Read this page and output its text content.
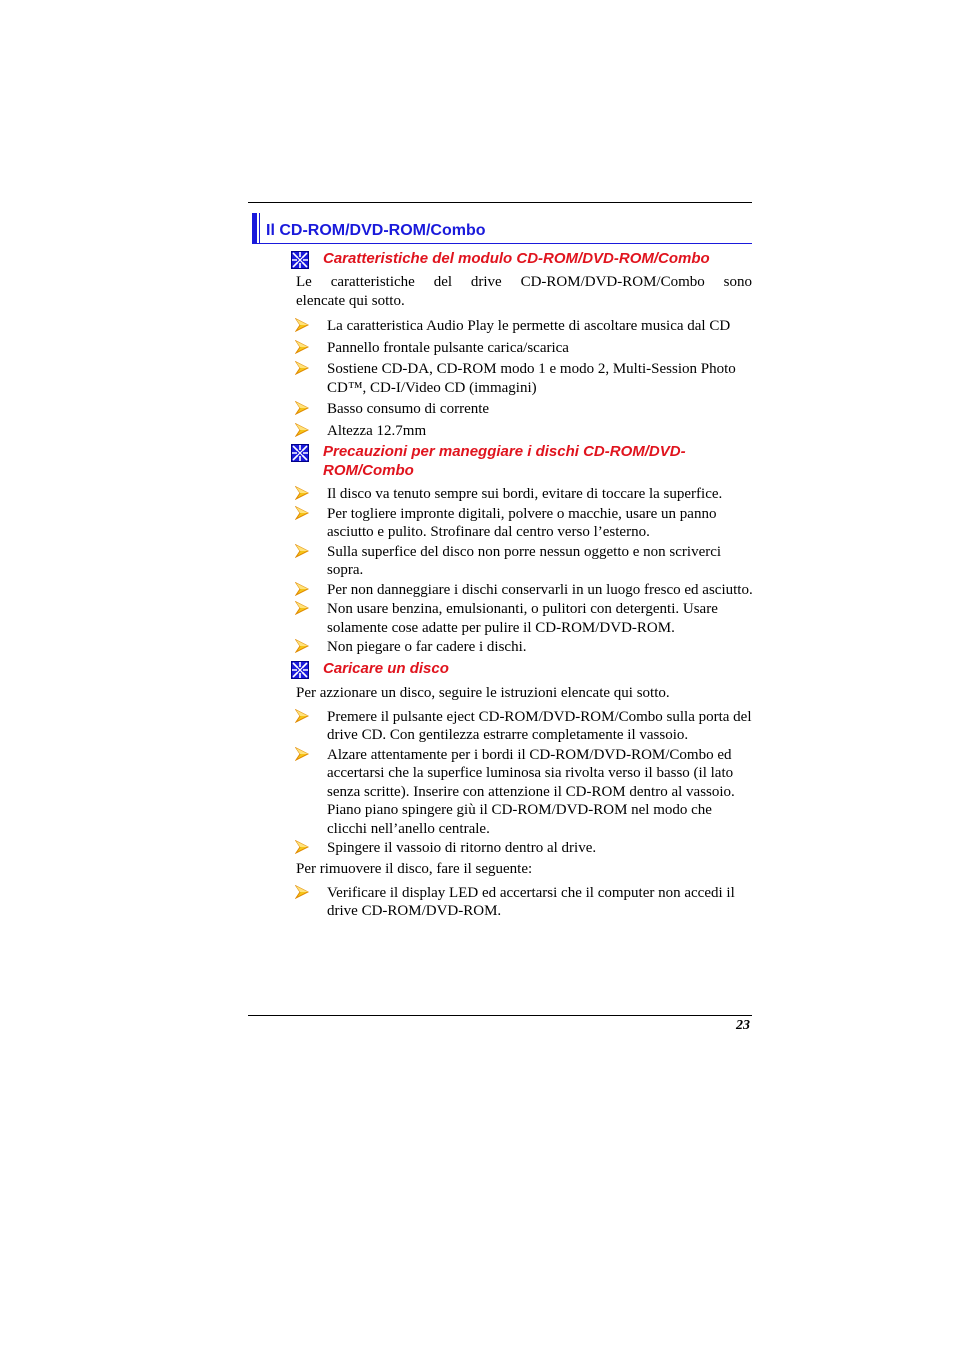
Il CD-ROM/DVD-ROM/Combo
Caratteristiche del modulo CD-ROM/DVD-ROM/Combo
Le caratteristiche del drive CD-ROM/DVD-ROM/Combo sono
elencate qui sotto.
La caratteristica Audio Play le permette di ascoltare musica dal CD
Pannello frontale pulsante carica/scarica
Sostiene CD-DA, CD-ROM modo 1 e modo 2, Multi-Session Photo CD™, CD-I/Video CD (immagini)
Basso consumo di corrente
Altezza 12.7mm
Precauzioni per maneggiare i dischi CD-ROM/DVD-
ROM/Combo
Il disco va tenuto sempre sui bordi, evitare di toccare la superfice.
Per togliere impronte digitali, polvere o macchie, usare un panno asciutto e pulito. Strofinare dal centro verso l’esterno.
Sulla superfice del disco non porre nessun oggetto e non scriverci sopra.
Per non danneggiare i dischi conservarli in un luogo fresco ed asciutto.
Non usare benzina, emulsionanti, o pulitori con detergenti. Usare solamente cose adatte per pulire il CD-ROM/DVD-ROM.
Non piegare o far cadere i dischi.
Caricare un disco
Per azzionare un disco, seguire le istruzioni elencate qui sotto.
Premere il pulsante eject CD-ROM/DVD-ROM/Combo sulla porta del drive CD. Con gentilezza estrarre completamente il vassoio.
Alzare attentamente per i bordi il CD-ROM/DVD-ROM/Combo ed accertarsi che la superfice luminosa sia rivolta verso il basso (il lato senza scritte). Inserire con attenzione il CD-ROM dentro al vassoio. Piano piano spingere giù il CD-ROM/DVD-ROM nel modo che clicchi nell’anello centrale.
Spingere il vassoio di ritorno dentro al drive.
Per rimuovere il disco, fare il seguente:
Verificare il display LED ed accertarsi che il computer non accedi il drive CD-ROM/DVD-ROM.
23
